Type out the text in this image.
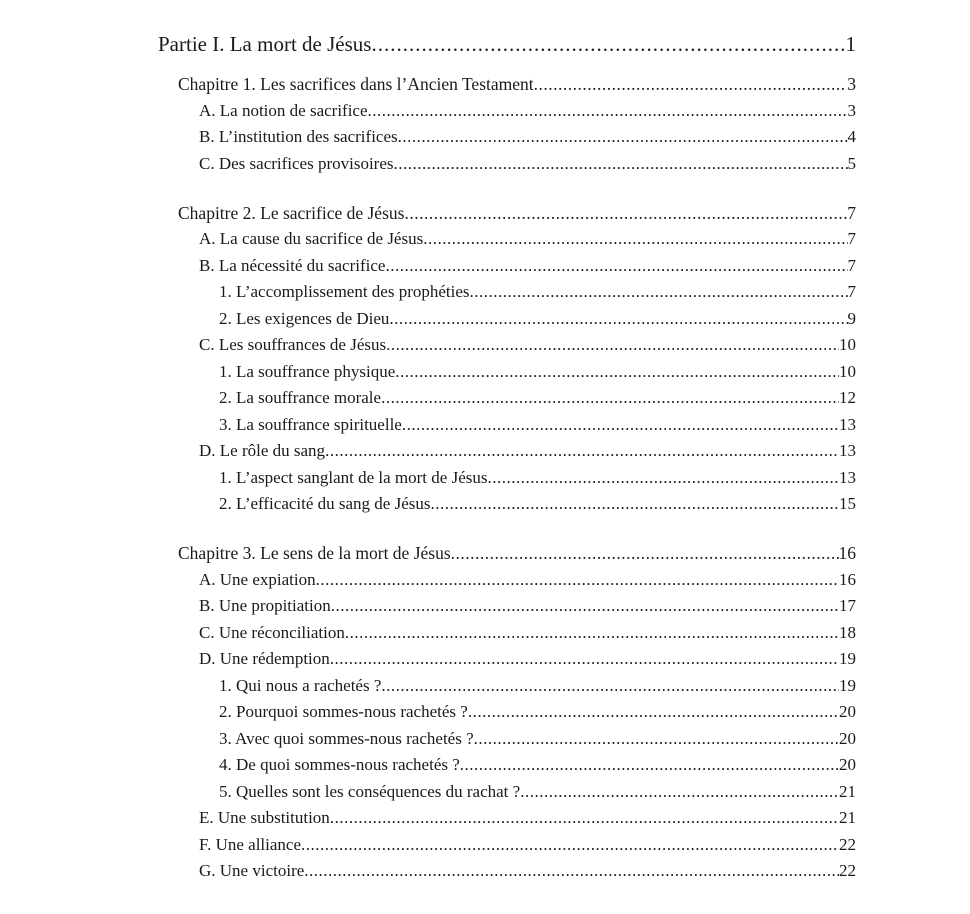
Partie I. La mort de Jésus .....	1
Chapitre 1. Les sacrifices dans l’Ancien Testament .....	3
A. La notion de sacrifice .....	3
B. L’institution des sacrifices .....	4
C. Des sacrifices provisoires .....	5
Chapitre 2. Le sacrifice de Jésus .....	7
A. La cause du sacrifice de Jésus .....	7
B. La nécessité du sacrifice .....	7
1. L’accomplissement des prophéties .....	7
2. Les exigences de Dieu .....	9
C. Les souffrances de Jésus .....	10
1. La souffrance physique .....	10
2. La souffrance morale .....	12
3. La souffrance spirituelle .....	13
D. Le rôle du sang .....	13
1. L’aspect sanglant de la mort de Jésus .....	13
2. L’efficacité du sang de Jésus .....	15
Chapitre 3. Le sens de la mort de Jésus .....	16
A. Une expiation .....	16
B. Une propitiation .....	17
C. Une réconciliation .....	18
D. Une rédemption .....	19
1. Qui nous a rachetés ? .....	19
2. Pourquoi sommes-nous rachetés ? .....	20
3. Avec quoi sommes-nous rachetés ? .....	20
4. De quoi sommes-nous rachetés ? .....	20
5. Quelles sont les conséquences du rachat ? .....	21
E. Une substitution .....	21
F. Une alliance .....	22
G. Une victoire .....	22
